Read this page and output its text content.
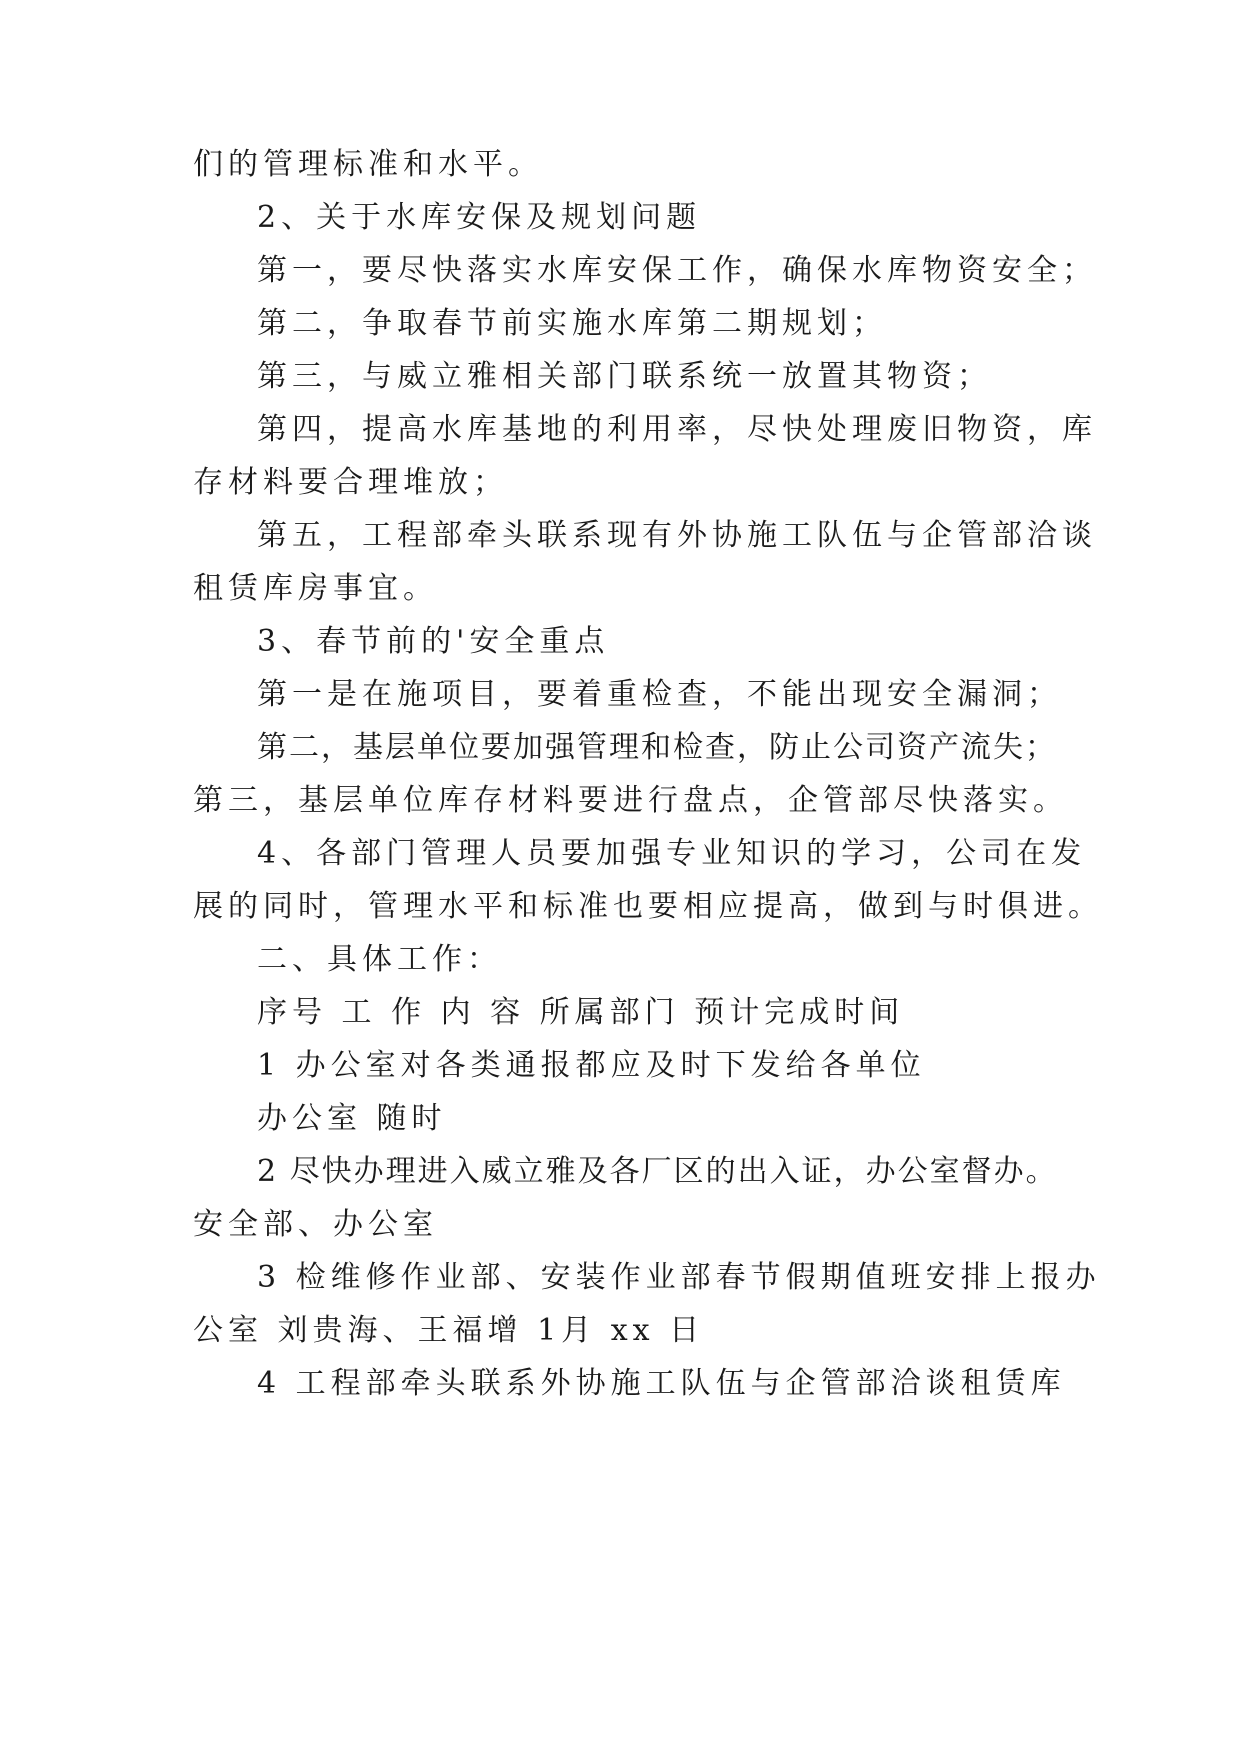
们的管理标准和水平。
2、关于水库安保及规划问题
第一，要尽快落实水库安保工作，确保水库物资安全；
第二，争取春节前实施水库第二期规划；
第三，与威立雅相关部门联系统一放置其物资；
第四，提高水库基地的利用率，尽快处理废旧物资，库
存材料要合理堆放；
第五，工程部牵头联系现有外协施工队伍与企管部洽谈
租赁库房事宜。
3、春节前的'安全重点
第一是在施项目，要着重检查，不能出现安全漏洞；
第二，基层单位要加强管理和检查，防止公司资产流失；
第三，基层单位库存材料要进行盘点，企管部尽快落实。
4、各部门管理人员要加强专业知识的学习，公司在发
展的同时，管理水平和标准也要相应提高，做到与时俱进。
二、具体工作：
序号 工 作 内 容 所属部门 预计完成时间
1 办公室对各类通报都应及时下发给各单位
办公室 随时
2 尽快办理进入威立雅及各厂区的出入证，办公室督办。
安全部、办公室
3 检维修作业部、安装作业部春节假期值班安排上报办
公室 刘贵海、王福增 1月 xx 日
4 工程部牵头联系外协施工队伍与企管部洽谈租赁库
